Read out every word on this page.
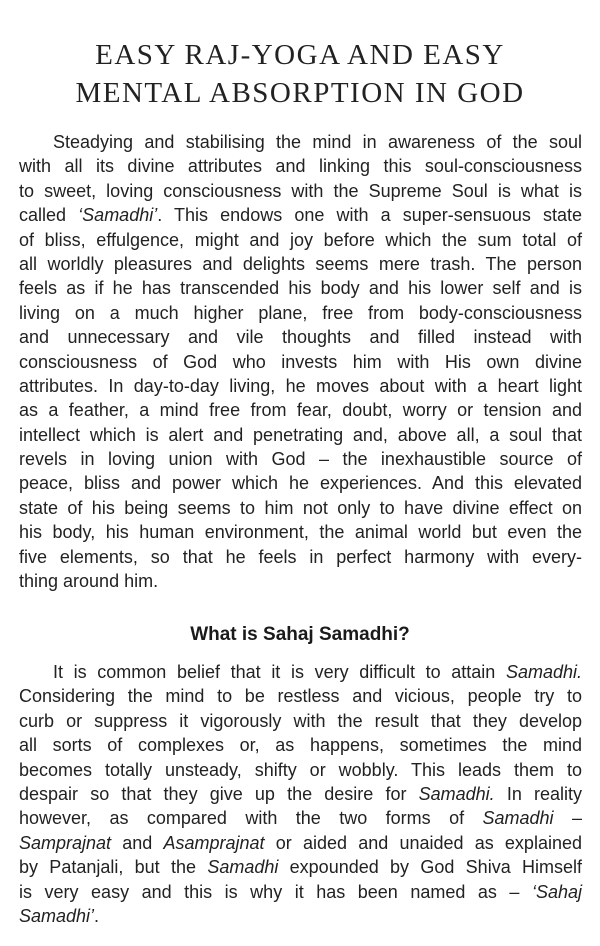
EASY RAJ-YOGA AND EASY
MENTAL ABSORPTION IN GOD
Steadying and stabilising the mind in awareness of the soul
with all its divine attributes and linking this soul-consciousness
to sweet, loving consciousness with the Supreme Soul is what is
called ‘Samadhi’. This endows one with a super-sensuous state
of bliss, effulgence, might and joy before which the sum total of
all worldly pleasures and delights seems mere trash. The person
feels as if he has transcended his body and his lower self and is
living on a much higher plane, free from body-consciousness
and unnecessary and vile thoughts and filled instead with
consciousness of God who invests him with His own divine
attributes. In day-to-day living, he moves about with a heart light
as a feather, a mind free from fear, doubt, worry or tension and
intellect which is alert and penetrating and, above all, a soul that
revels in loving union with God – the inexhaustible source of
peace, bliss and power which he experiences. And this elevated
state of his being seems to him not only to have divine effect on
his body, his human environment, the animal world but even the
five elements, so that he feels in perfect harmony with every-
thing around him.
What is Sahaj Samadhi?
It is common belief that it is very difficult to attain Samadhi.
Considering the mind to be restless and vicious, people try to
curb or suppress it vigorously with the result that they develop
all sorts of complexes or, as happens, sometimes the mind
becomes totally unsteady, shifty or wobbly. This leads them to
despair so that they give up the desire for Samadhi. In reality
however, as compared with the two forms of Samadhi –
Samprajnat and Asamprajnat or aided and unaided as explained
by Patanjali, but the Samadhi expounded by God Shiva Himself
is very easy and this is why it has been named as – ‘Sahaj
Samadhi’.
